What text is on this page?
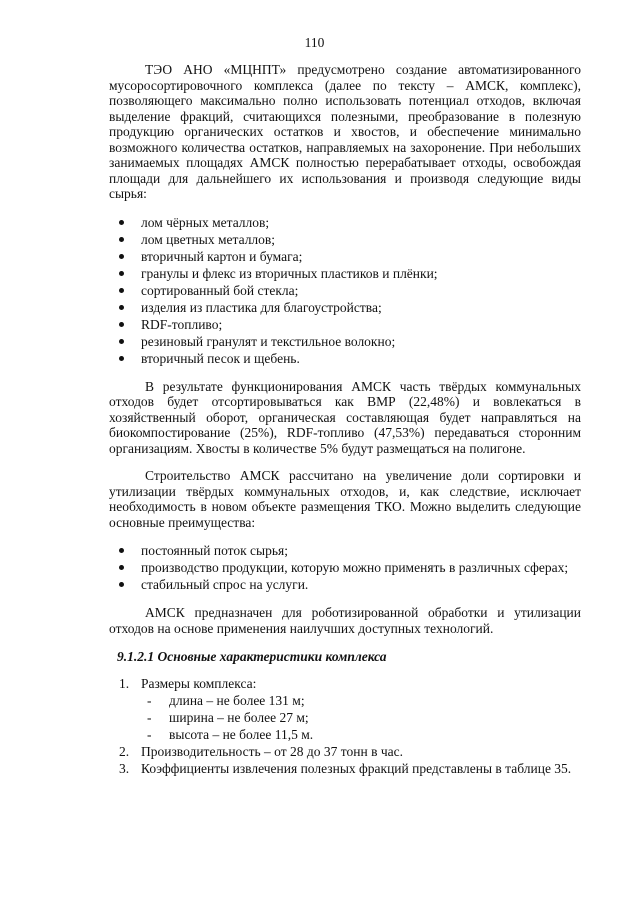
110

ТЭО АНО «МЦНПТ» предусмотрено создание автоматизированного мусоросортировочного комплекса (далее по тексту – АМСК, комплекс), позволяющего максимально полно использовать потенциал отходов, включая выделение фракций, считающихся полезными, преобразование в полезную продукцию органических остатков и хвостов, и обеспечение минимально возможного количества остатков, направляемых на захоронение. При небольших занимаемых площадях АМСК полностью перерабатывает отходы, освобождая площади для дальнейшего их использования и производя следующие виды сырья:

лом чёрных металлов;
лом цветных металлов;
вторичный картон и бумага;
гранулы и флекс из вторичных пластиков и плёнки;
сортированный бой стекла;
изделия из пластика для благоустройства;
RDF-топливо;
резиновый гранулят и текстильное волокно;
вторичный песок и щебень.

В результате функционирования АМСК часть твёрдых коммунальных отходов будет отсортировываться как ВМР (22,48%) и вовлекаться в хозяйственный оборот, органическая составляющая будет направляться на биокомпостирование (25%), RDF-топливо (47,53%) передаваться сторонним организациям. Хвосты в количестве 5% будут размещаться на полигоне.

Строительство АМСК рассчитано на увеличение доли сортировки и утилизации твёрдых коммунальных отходов, и, как следствие, исключает необходимость в новом объекте размещения ТКО. Можно выделить следующие основные преимущества:

постоянный поток сырья;
производство продукции, которую можно применять в различных сферах;
стабильный спрос на услуги.

АМСК предназначен для роботизированной обработки и утилизации отходов на основе применения наилучших доступных технологий.

9.1.2.1 Основные характеристики комплекса
1. Размеры комплекса:
- длина – не более 131 м;
- ширина – не более 27 м;
- высота – не более 11,5 м.
2. Производительность – от 28 до 37 тонн в час.
3. Коэффициенты извлечения полезных фракций представлены в таблице 35.
